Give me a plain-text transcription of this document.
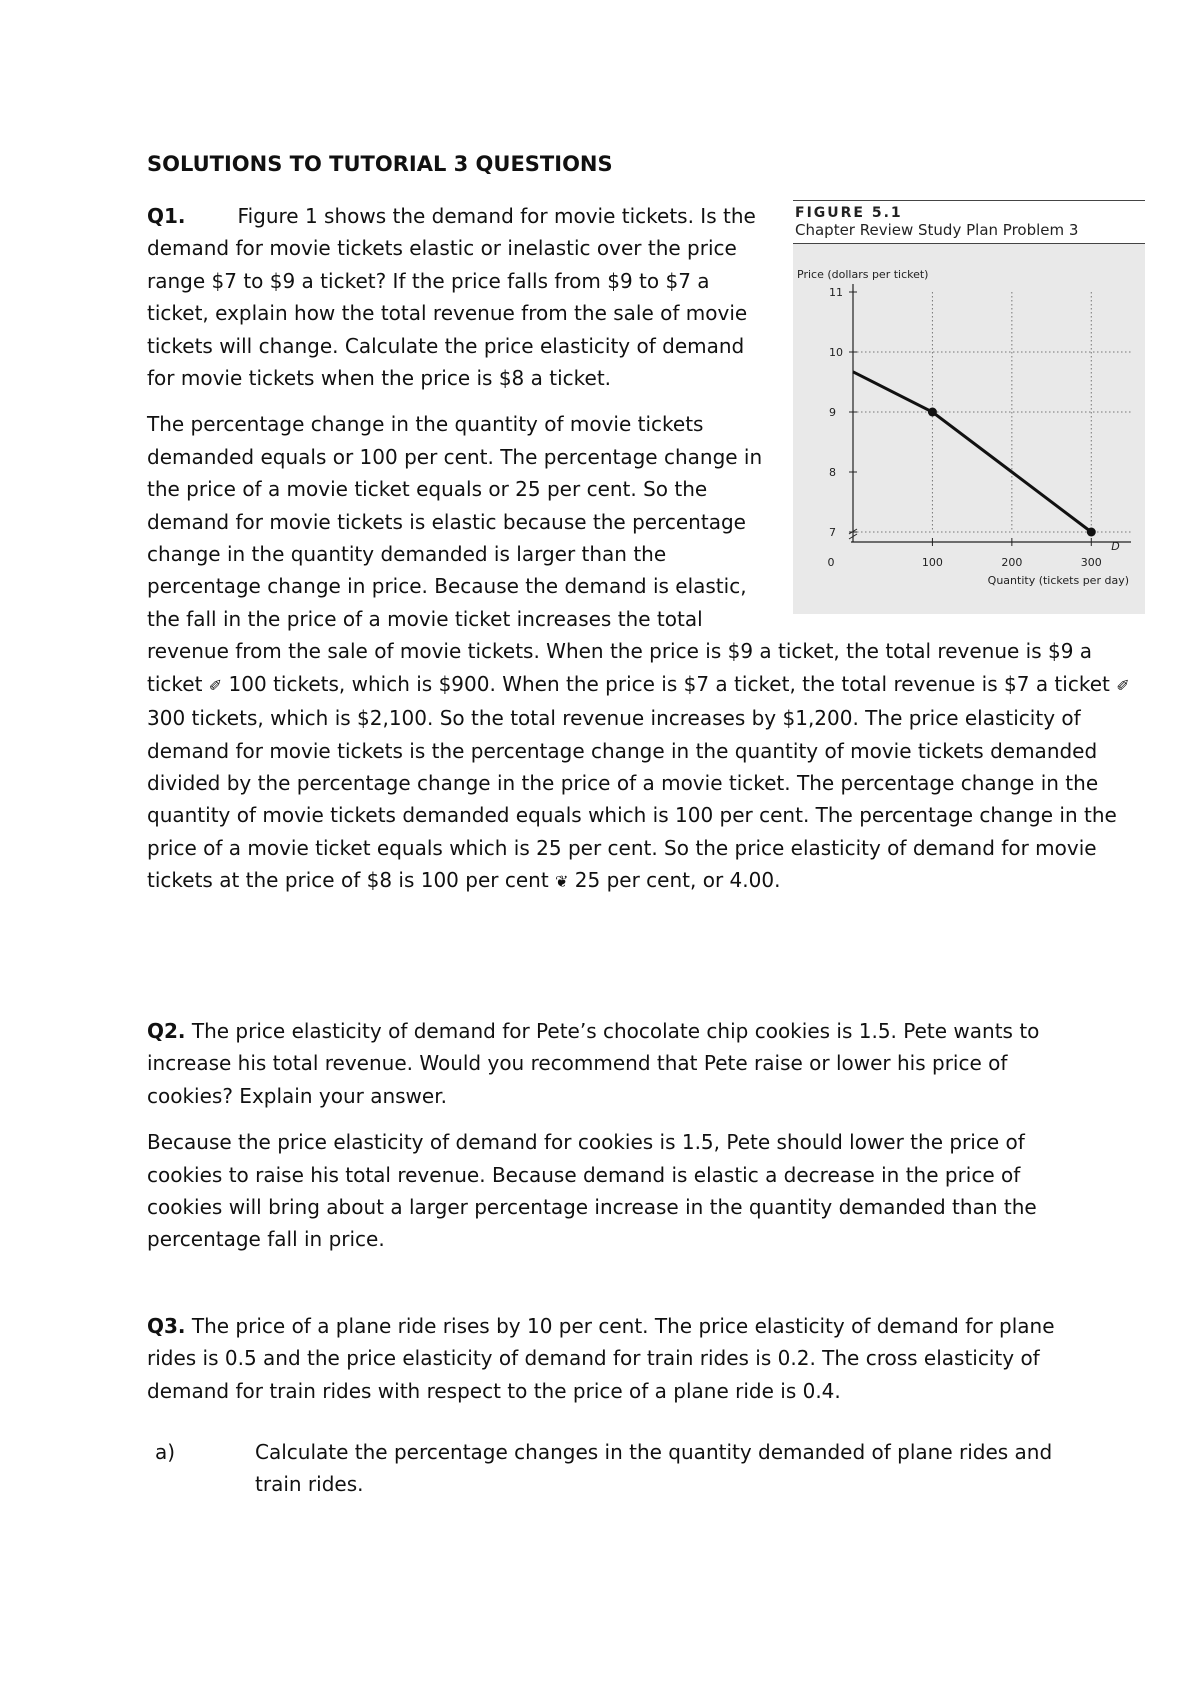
SOLUTIONS TO TUTORIAL 3 QUESTIONS
FIGURE 5.1
Chapter Review Study Plan Problem 3
Price (dollars per ticket)
7
8
9
10
11
0	100	200	300
Quantity (tickets per day)
D

Q1.	Figure 1 shows the demand for movie tickets. Is the demand for movie tickets elastic or inelastic over the price range $7 to $9 a ticket? If the price falls from $9 to $7 a ticket, explain how the total revenue from the sale of movie tickets will change. Calculate the price elasticity of demand for movie tickets when the price is $8 a ticket.

The percentage change in the quantity of movie tickets demanded equals or 100 per cent. The percentage change in the price of a movie ticket equals or 25 per cent. So the demand for movie tickets is elastic because the percentage change in the quantity demanded is larger than the percentage change in price. Because the demand is elastic, the fall in the price of a movie ticket increases the total revenue from the sale of movie tickets. When the price is $9 a ticket, the total revenue is $9 a ticket ✐ 100 tickets, which is $900. When the price is $7 a ticket, the total revenue is $7 a ticket ✐ 300 tickets, which is $2,100. So the total revenue increases by $1,200. The price elasticity of demand for movie tickets is the percentage change in the quantity of movie tickets demanded divided by the percentage change in the price of a movie ticket. The percentage change in the quantity of movie tickets demanded equals which is 100 per cent. The percentage change in the price of a movie ticket equals which is 25 per cent. So the price elasticity of demand for movie tickets at the price of $8 is 100 per cent ❦ 25 per cent, or 4.00.

Q2. The price elasticity of demand for Pete’s chocolate chip cookies is 1.5. Pete wants to increase his total revenue. Would you recommend that Pete raise or lower his price of cookies? Explain your answer.

Because the price elasticity of demand for cookies is 1.5, Pete should lower the price of cookies to raise his total revenue. Because demand is elastic a decrease in the price of cookies will bring about a larger percentage increase in the quantity demanded than the percentage fall in price.

Q3. The price of a plane ride rises by 10 per cent. The price elasticity of demand for plane rides is 0.5 and the price elasticity of demand for train rides is 0.2. The cross elasticity of demand for train rides with respect to the price of a plane ride is 0.4.

a)	Calculate the percentage changes in the quantity demanded of plane rides and train rides.
